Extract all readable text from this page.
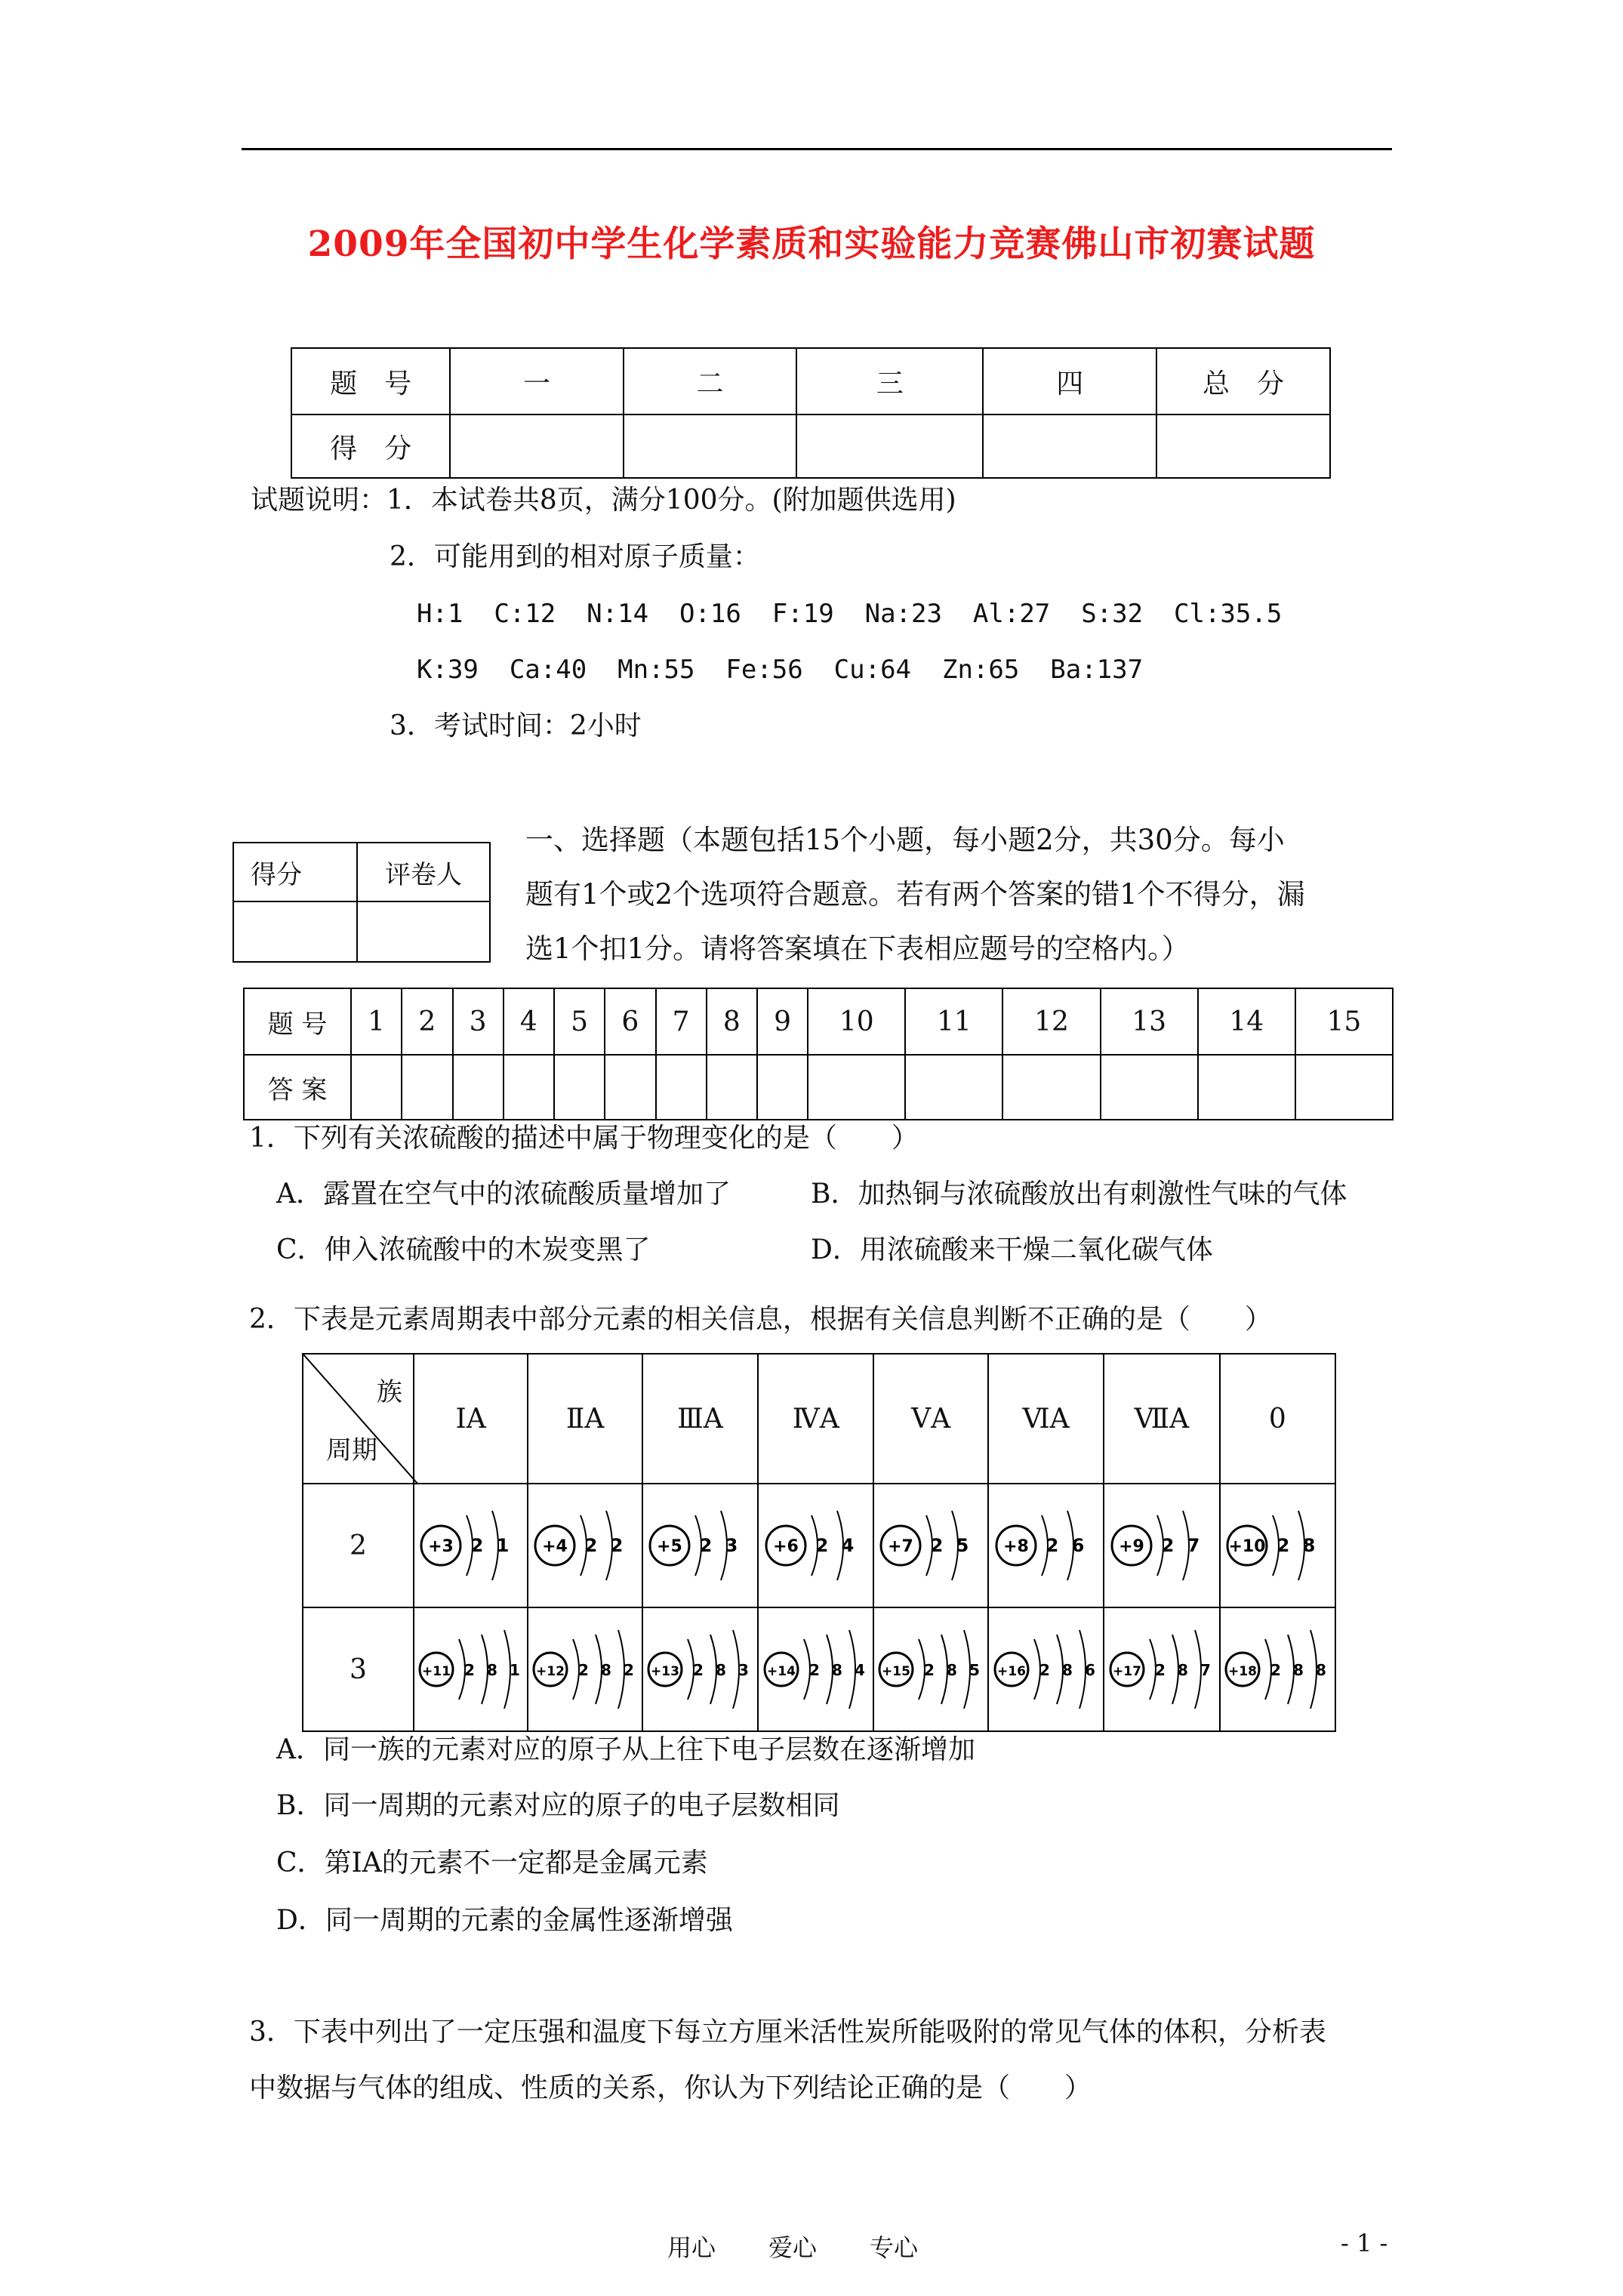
2009年全国初中学生化学素质和实验能力竞赛佛山市初赛试题
题　号	一	二	三	四	总　分
得　分					
试题说明：1．本试卷共8页，满分100分。(附加题供选用)
2．可能用到的相对原子质量：
H:1  C:12  N:14  O:16  F:19  Na:23  Al:27  S:32  Cl:35.5
K:39  Ca:40  Mn:55  Fe:56  Cu:64  Zn:65  Ba:137
3．考试时间：2小时
得分	评卷人

一、选择题（本题包括15个小题，每小题2分，共30分。每小
题有1个或2个选项符合题意。若有两个答案的错1个不得分，漏
选1个扣1分。请将答案填在下表相应题号的空格内。）
题 号	1	2	3	4	5	6	7	8	9	10	11	12	13	14	15
答 案															
1．下列有关浓硫酸的描述中属于物理变化的是（　　）
A．露置在空气中的浓硫酸质量增加了	B．加热铜与浓硫酸放出有刺激性气味的气体
C．伸入浓硫酸中的木炭变黑了	D．用浓硫酸来干燥二氧化碳气体
2．下表是元素周期表中部分元素的相关信息，根据有关信息判断不正确的是（　　）
族
周期	ⅠA	ⅡA	ⅢA	ⅣA	ⅤA	ⅥA	ⅦA	0
2	+3 2 1	+4 2 2	+5 2 3	+6 2 4	+7 2 5	+8 2 6	+9 2 7	+10 2 8

3	+11 2 8 1	+12 2 8 2	+13 2 8 3	+14 2 8 4	+15 2 8 5	+16 2 8 6	+17 2 8 7	+18 2 8 8
A．同一族的元素对应的原子从上往下电子层数在逐渐增加
B．同一周期的元素对应的原子的电子层数相同
C．第ⅠA的元素不一定都是金属元素
D．同一周期的元素的金属性逐渐增强
3．下表中列出了一定压强和温度下每立方厘米活性炭所能吸附的常见气体的体积，分析表
中数据与气体的组成、性质的关系，你认为下列结论正确的是（　　）
用心 爱心 专心	- 1 -
